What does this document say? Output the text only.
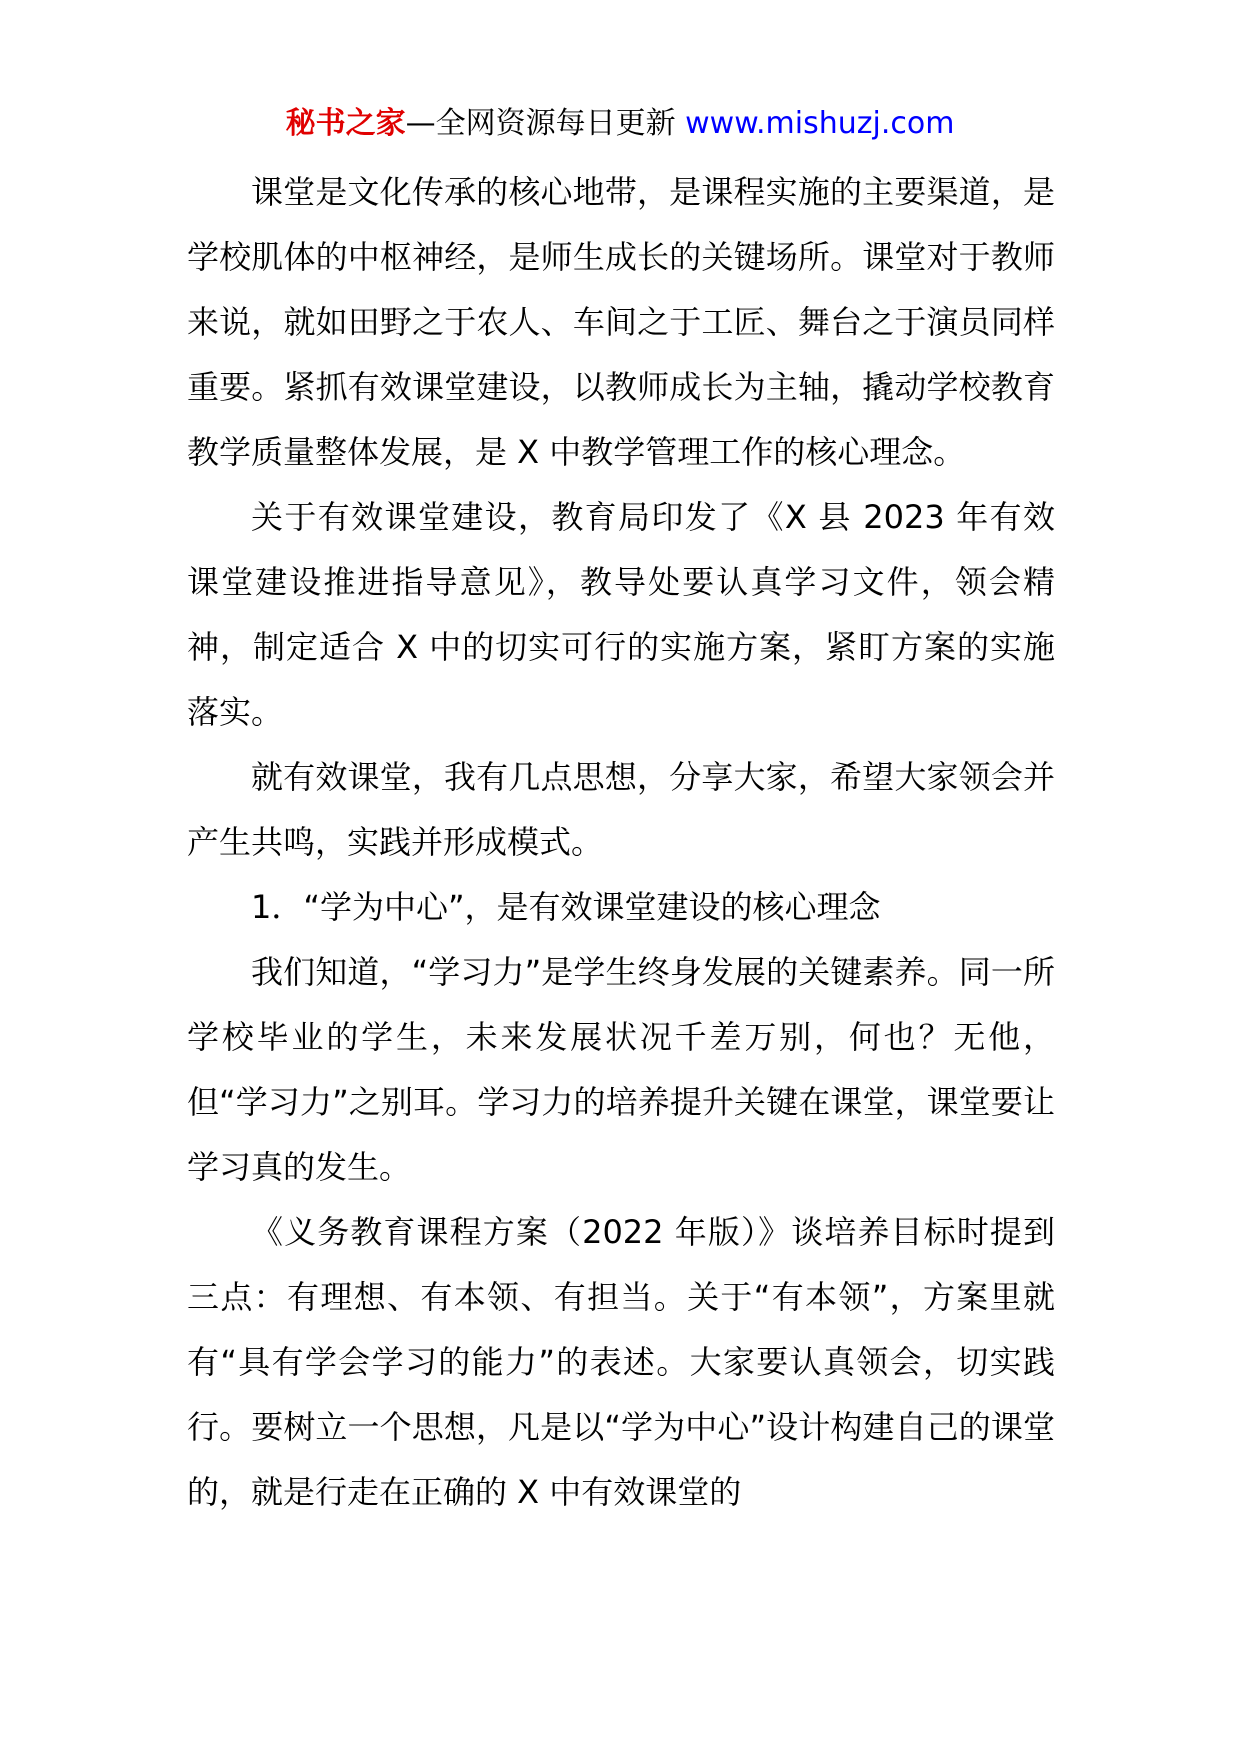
秘书之家—全网资源每日更新 www.mishuzj.com

课堂是文化传承的核心地带，是课程实施的主要渠道，是学校肌体的中枢神经，是师生成长的关键场所。课堂对于教师来说，就如田野之于农人、车间之于工匠、舞台之于演员同样重要。紧抓有效课堂建设，以教师成长为主轴，撬动学校教育教学质量整体发展，是 X 中教学管理工作的核心理念。

关于有效课堂建设，教育局印发了《X 县 2023 年有效课堂建设推进指导意见》，教导处要认真学习文件，领会精神，制定适合 X 中的切实可行的实施方案，紧盯方案的实施落实。

就有效课堂，我有几点思想，分享大家，希望大家领会并产生共鸣，实践并形成模式。

1．“学为中心”，是有效课堂建设的核心理念

我们知道，“学习力”是学生终身发展的关键素养。同一所学校毕业的学生，未来发展状况千差万别，何也？无他，但“学习力”之别耳。学习力的培养提升关键在课堂，课堂要让学习真的发生。

《义务教育课程方案（2022 年版）》谈培养目标时提到三点：有理想、有本领、有担当。关于“有本领”，方案里就有“具有学会学习的能力”的表述。大家要认真领会，切实践行。要树立一个思想，凡是以“学为中心”设计构建自己的课堂的，就是行走在正确的 X 中有效课堂的
